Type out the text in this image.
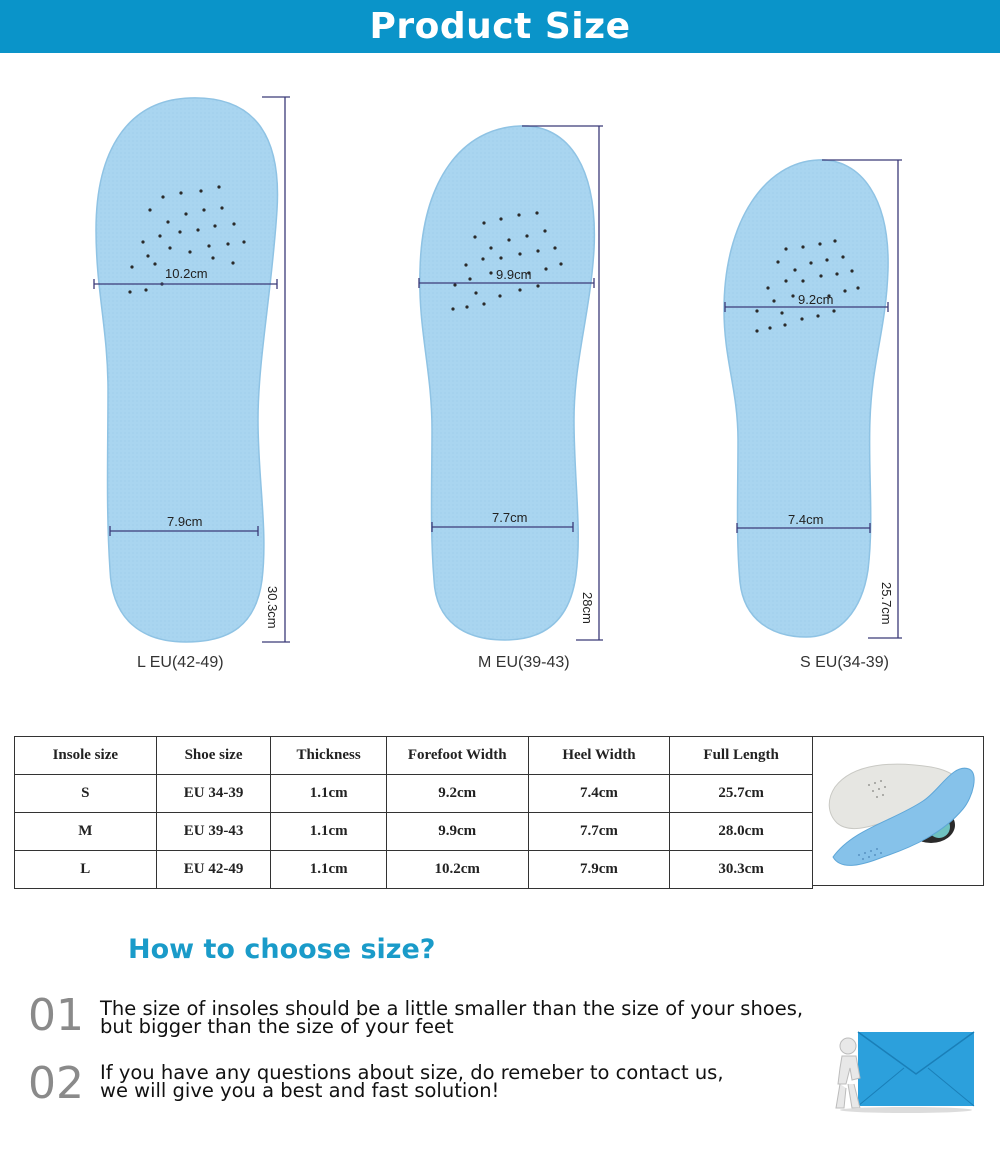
Product Size
10.2cm
7.9cm
30.3cm
9.9cm
7.7cm
28cm
9.2cm
7.4cm
25.7cm
L EU(42-49)	M EU(39-43)	S EU(34-39)
Insole size	Shoe size	Thickness	Forefoot Width	Heel Width	Full Length
S	EU 34-39	1.1cm	9.2cm	7.4cm	25.7cm
M	EU 39-43	1.1cm	9.9cm	7.7cm	28.0cm
L	EU 42-49	1.1cm	10.2cm	7.9cm	30.3cm
How to choose size?
01 The size of insoles should be a little smaller than the size of your shoes,
but bigger than the size of your feet
02 If you have any questions about size, do remeber to contact us,
we will give you a best and fast solution!
